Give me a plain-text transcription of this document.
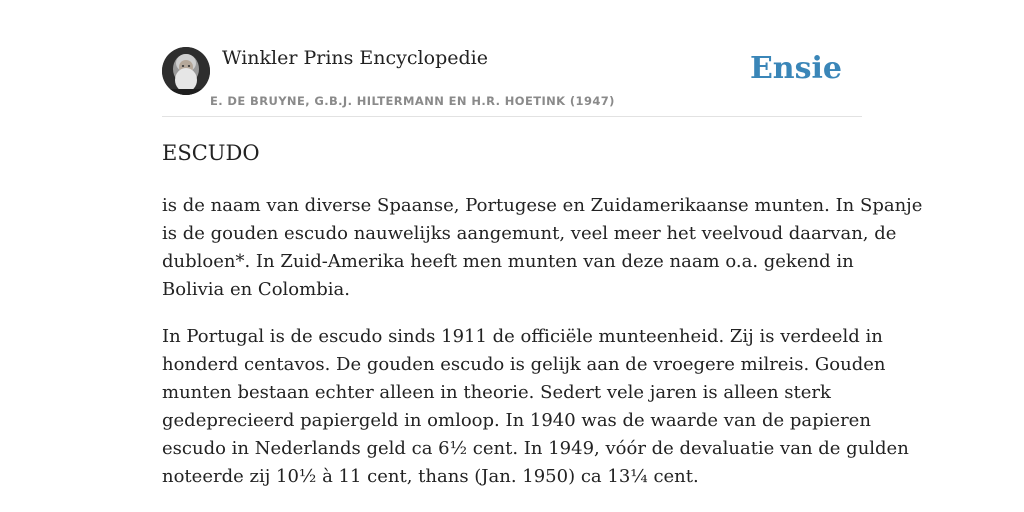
Winkler Prins Encyclopedie
E. DE BRUYNE, G.B.J. HILTERMANN EN H.R. HOETINK (1947)
Ensie
ESCUDO

is de naam van diverse Spaanse, Portugese en Zuidamerikaanse munten. In Spanje
is de gouden escudo nauwelijks aangemunt, veel meer het veelvoud daarvan, de
dubloen*. In Zuid-Amerika heeft men munten van deze naam o.a. gekend in
Bolivia en Colombia.

In Portugal is de escudo sinds 1911 de officiële munteenheid. Zij is verdeeld in
honderd centavos. De gouden escudo is gelijk aan de vroegere milreis. Gouden
munten bestaan echter alleen in theorie. Sedert vele jaren is alleen sterk
gedeprecieerd papiergeld in omloop. In 1940 was de waarde van de papieren
escudo in Nederlands geld ca 6½ cent. In 1949, vóór de devaluatie van de gulden
noteerde zij 10½ à 11 cent, thans (Jan. 1950) ca 13¼ cent.
